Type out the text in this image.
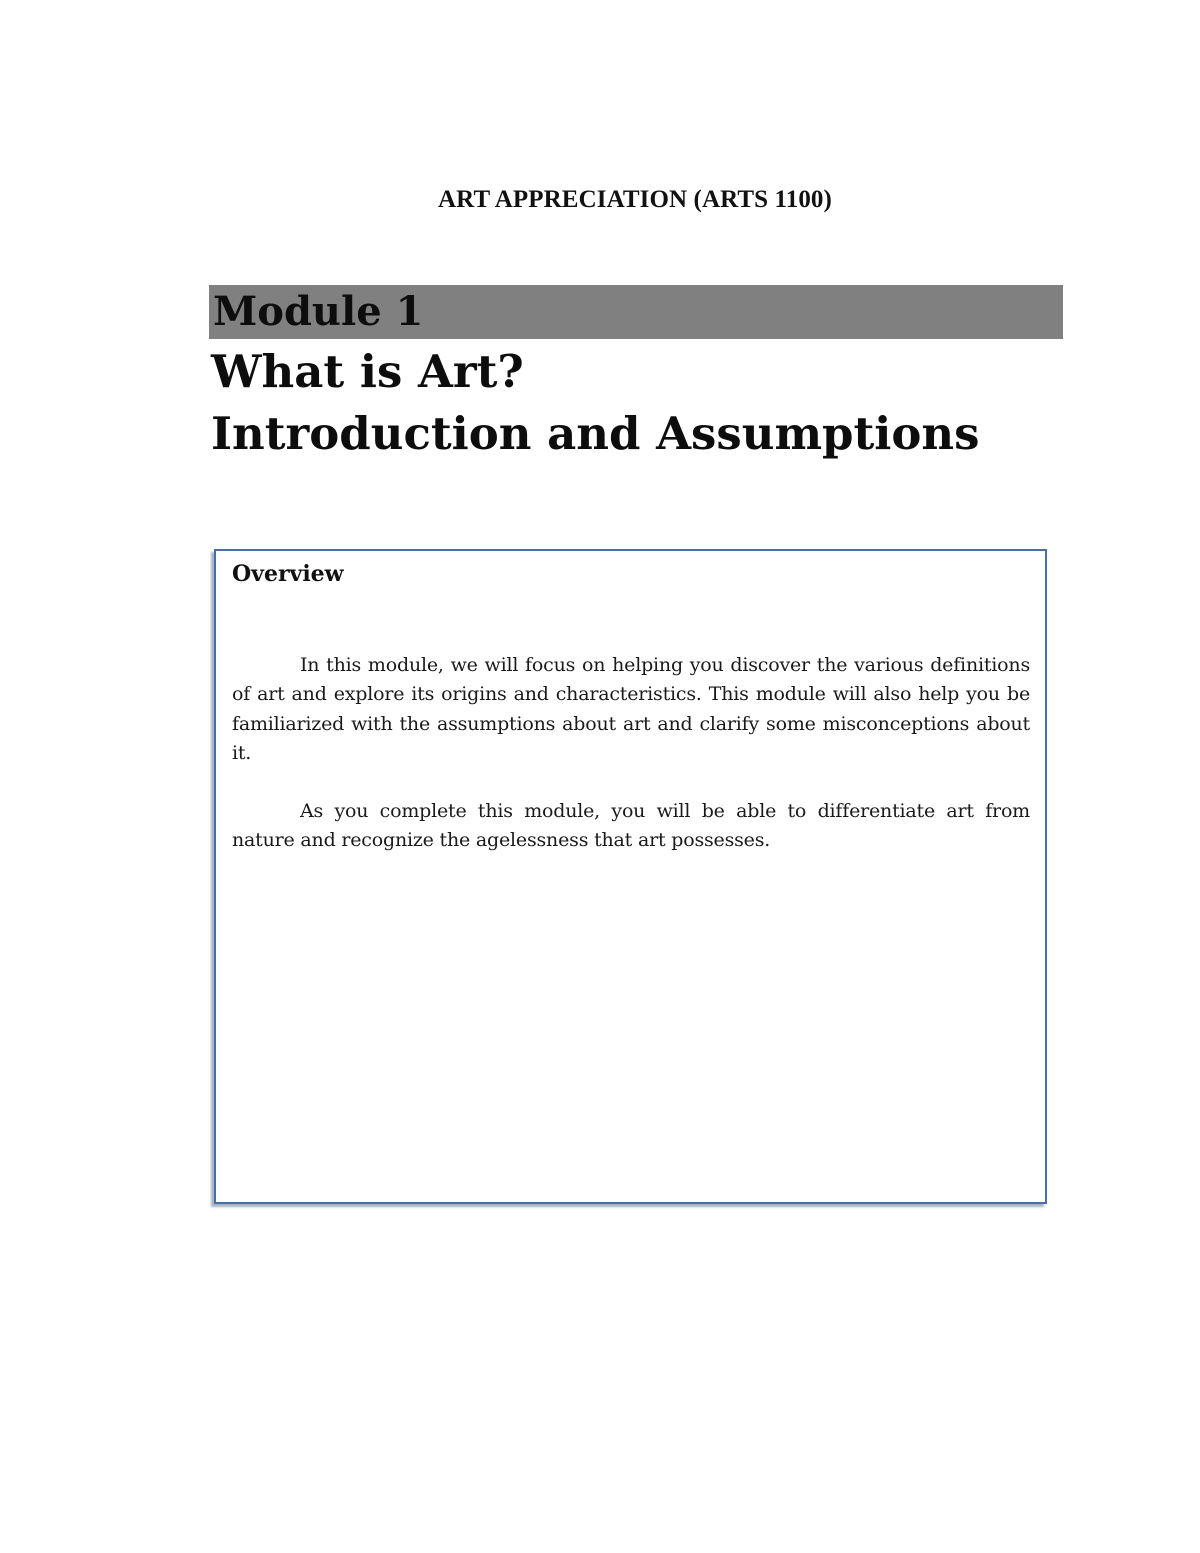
ART APPRECIATION (ARTS 1100)
Module 1
What is Art?
Introduction and Assumptions
Overview

In this module, we will focus on helping you discover the various definitions of art and explore its origins and characteristics. This module will also help you be familiarized with the assumptions about art and clarify some misconceptions about it.

As you complete this module, you will be able to differentiate art from nature and recognize the agelessness that art possesses.
